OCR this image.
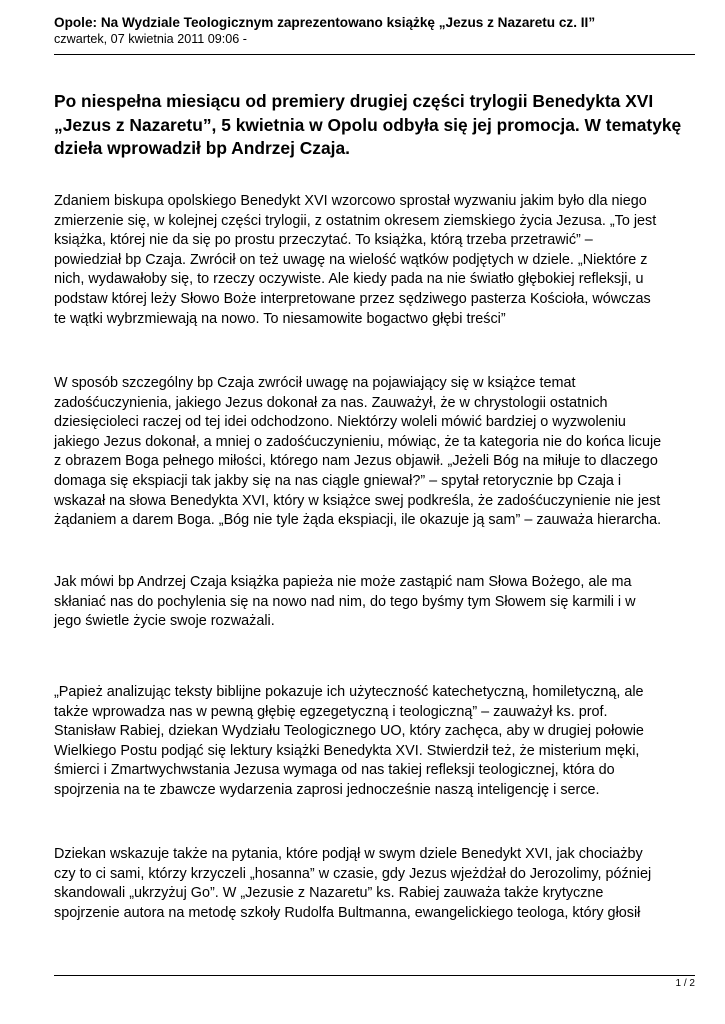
Opole: Na Wydziale Teologicznym zaprezentowano książkę „Jezus z Nazaretu cz. II”
czwartek, 07 kwietnia 2011 09:06 -
Po niespełna miesiącu od premiery drugiej części trylogii Benedykta XVI
„Jezus z Nazaretu”, 5 kwietnia w Opolu odbyła się jej promocja. W tematykę
dzieła wprowadził bp Andrzej Czaja.
Zdaniem biskupa opolskiego Benedykt XVI wzorcowo sprostał wyzwaniu jakim było dla niego
zmierzenie się, w kolejnej części trylogii, z ostatnim okresem ziemskiego życia Jezusa. „To jest
książka, której nie da się po prostu przeczytać. To książka, którą trzeba przetrawić” –
powiedział bp Czaja. Zwrócił on też uwagę na wielość wątków podjętych w dziele. „Niektóre z
nich, wydawałoby się, to rzeczy oczywiste. Ale kiedy pada na nie światło głębokiej refleksji, u
podstaw której leży Słowo Boże interpretowane przez sędziwego pasterza Kościoła, wówczas
te wątki wybrzmiewają na nowo. To niesamowite bogactwo głębi treści”
W sposób szczególny bp Czaja zwrócił uwagę na pojawiający się w książce temat
zadośćuczynienia, jakiego Jezus dokonał za nas. Zauważył, że w chrystologii ostatnich
dziesięcioleci raczej od tej idei odchodzono. Niektórzy woleli mówić bardziej o wyzwoleniu
jakiego Jezus dokonał, a mniej o zadośćuczynieniu, mówiąc, że ta kategoria nie do końca licuje
z obrazem Boga pełnego miłości, którego nam Jezus objawił. „Jeżeli Bóg na miłuje to dlaczego
domaga się ekspiacji tak jakby się na nas ciągle gniewał?” – spytał retorycznie bp Czaja i
wskazał na słowa Benedykta XVI, który w książce swej podkreśla, że zadośćuczynienie nie jest
żądaniem a darem Boga. „Bóg nie tyle żąda ekspiacji, ile okazuje ją sam” – zauważa hierarcha.
Jak mówi bp Andrzej Czaja książka papieża nie może zastąpić nam Słowa Bożego, ale ma
skłaniać nas do pochylenia się na nowo nad nim, do tego byśmy tym Słowem się karmili i w
jego świetle życie swoje rozważali.
„Papież analizując teksty biblijne pokazuje ich użyteczność katechetyczną, homiletyczną, ale
także wprowadza nas w pewną głębię egzegetyczną i teologiczną” – zauważył ks. prof.
Stanisław Rabiej, dziekan Wydziału Teologicznego UO, który zachęca, aby w drugiej połowie
Wielkiego Postu podjąć się lektury książki Benedykta XVI. Stwierdził też, że misterium męki,
śmierci i Zmartwychwstania Jezusa wymaga od nas takiej refleksji teologicznej, która do
spojrzenia na te zbawcze wydarzenia zaprosi jednocześnie naszą inteligencję i serce.
Dziekan wskazuje także na pytania, które podjął w swym dziele Benedykt XVI, jak chociażby
czy to ci sami, którzy krzyczeli „hosanna” w czasie, gdy Jezus wjeżdżał do Jerozolimy, później
skandowali „ukrzyżuj Go”. W „Jezusie z Nazaretu” ks. Rabiej zauważa także krytyczne
spojrzenie autora na metodę szkoły Rudolfa Bultmanna, ewangelickiego teologa, który głosił
1 / 2
